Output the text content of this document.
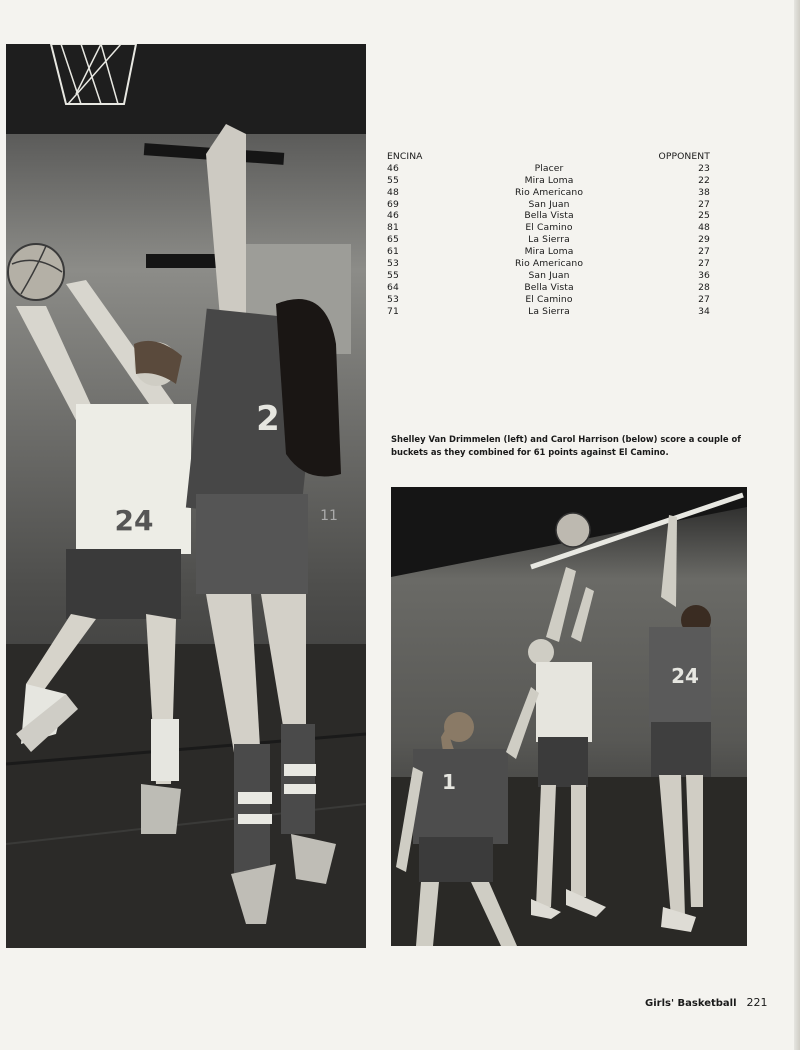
24
2
11
ENCINA	OPPONENT
46	Placer	23
55	Mira Loma	22
48	Rio Americano	38
69	San Juan	27
46	Bella Vista	25
81	El Camino	48
65	La Sierra	29
61	Mira Loma	27
53	Rio Americano	27
55	San Juan	36
64	Bella Vista	28
53	El Camino	27
71	La Sierra	34
Shelley Van Drimmelen (left) and Carol Harrison (below) score a couple of buckets as they combined for 61 points against El Camino.
24
1
Girls' Basketball 221
